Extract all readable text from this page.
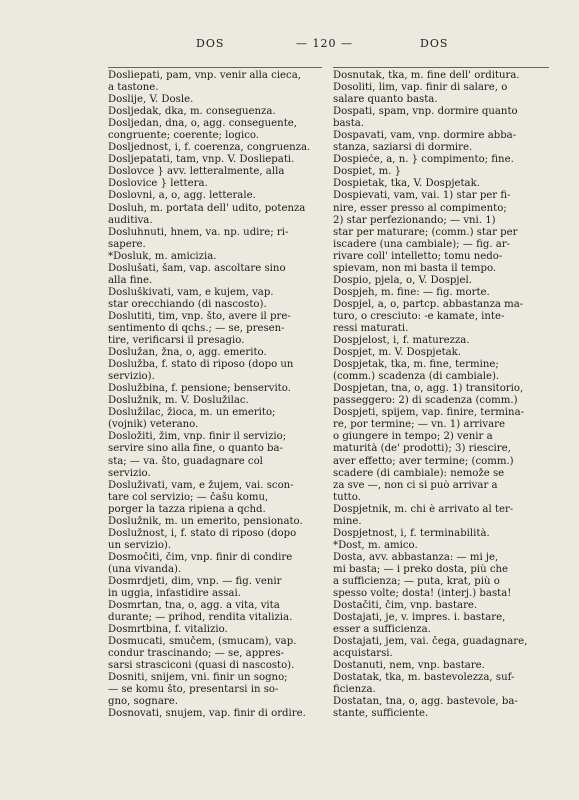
DOS	— 120 —	DOS
Dosliepati, pam, vnp. venir alla cieca,
a tastone.
Doslije, V. Dosle.
Dosljedak, dka, m. conseguenza.
Dosljedan, dna, o, agg. conseguente,
congruente; coerente; logico.
Dosljednost, i, f. coerenza, congruenza.
Dosljepatati, tam, vnp. V. Dosliepati.
Doslovce } avv. letteralmente, alla
Doslovice } lettera.
Doslovni, a, o, agg. letterale.
Dosluh, m. portata dell' udito, potenza
auditiva.
Dosluhnuti, hnem, va. np. udire; ri-
sapere.
*Dosluk, m. amicizia.
Doslušati, šam, vap. ascoltare sino
alla fine.
Dosluškivati, vam, e kujem, vap.
star orecchiando (di nascosto).
Doslutiti, tim, vnp. što, avere il pre-
sentimento di qchs.; — se, presen-
tire, verificarsi il presagio.
Doslužan, žna, o, agg. emerito.
Doslužba, f. stato di riposo (dopo un
servizio).
Doslužbina, f. pensione; benservito.
Doslužnik, m. V. Doslužilac.
Doslužilac, žioca, m. un emerito;
(vojnik) veterano.
Dosložiti, žim, vnp. finir il servizio;
servire sino alla fine, o quanto ba-
sta; — va. što, guadagnare col
servizio.
Dosluživati, vam, e žujem, vai. scon-
tare col servizio; — čašu komu,
porger la tazza ripiena a qchd.
Doslužnik, m. un emerito, pensionato.
Doslužnost, i, f. stato di riposo (dopo
un servizio).
Dosmočiti, čim, vnp. finir di condire
(una vivanda).
Dosmrdjeti, dim, vnp. — fig. venir
in uggia, infastidire assai.
Dosmrtan, tna, o, agg. a vita, vita
durante; — prihod, rendita vitalizia.
Dosmrtbina, f. vitalizio.
Dosmucati, smučem, (smucam), vap.
condur trascinando; — se, appres-
sarsi strasciconi (quasi di nascosto).
Dosniti, snijem, vni. finir un sogno;
— se komu što, presentarsi in so-
gno, sognare.
Dosnovati, snujem, vap. finir di ordire.
Dosnutak, tka, m. fine dell' orditura.
Dosoliti, lim, vap. finir di salare, o
salare quanto basta.
Dospati, spam, vnp. dormire quanto
basta.
Dospavati, vam, vnp. dormire abba-
stanza, saziarsi di dormire.
Dospieće, a, n. } compimento; fine.
Dospiet, m. }
Dospietak, tka, V. Dospjetak.
Dospievati, vam, vai. 1) star per fi-
nire, esser presso al compimento;
2) star perfezionando; — vni. 1)
star per maturare; (comm.) star per
iscadere (una cambiale); — fig. ar-
rivare coll' intelletto; tomu nedo-
spievam, non mi basta il tempo.
Dospio, pjela, o, V. Dospjel.
Dospjeh, m. fine: — fig. morte.
Dospjel, a, o, partcp. abbastanza ma-
turo, o cresciuto: -e kamate, inte-
ressi maturati.
Dospjelost, i, f. maturezza.
Dospjet, m. V. Dospjetak.
Dospjetak, tka, m. fine, termine;
(comm.) scadenza (di cambiale).
Dospjetan, tna, o, agg. 1) transitorio,
passeggero: 2) di scadenza (comm.)
Dospjeti, spijem, vap. finire, termina-
re, por termine; — vn. 1) arrivare
o giungere in tempo; 2) venir a
maturità (de' prodotti); 3) riescire,
aver effetto; aver termine; (comm.)
scadere (di cambiale): nemože se
za sve —, non ci si può arrivar a
tutto.
Dospjetnik, m. chi è arrivato al ter-
mine.
Dospjetnost, i, f. terminabilità.
*Dost, m. amico.
Dosta, avv. abbastanza: — mi je,
mi basta; — i preko dosta, più che
a sufficienza; — puta, krat, più o
spesso volte; dosta! (interj.) basta!
Dostačiti, čim, vnp. bastare.
Dostajati, je, v. impres. i. bastare,
esser a sufficienza.
Dostajati, jem, vai. čega, guadagnare,
acquistarsi.
Dostanuti, nem, vnp. bastare.
Dostatak, tka, m. bastevolezza, suf-
ficienza.
Dostatan, tna, o, agg. bastevole, ba-
stante, sufficiente.
